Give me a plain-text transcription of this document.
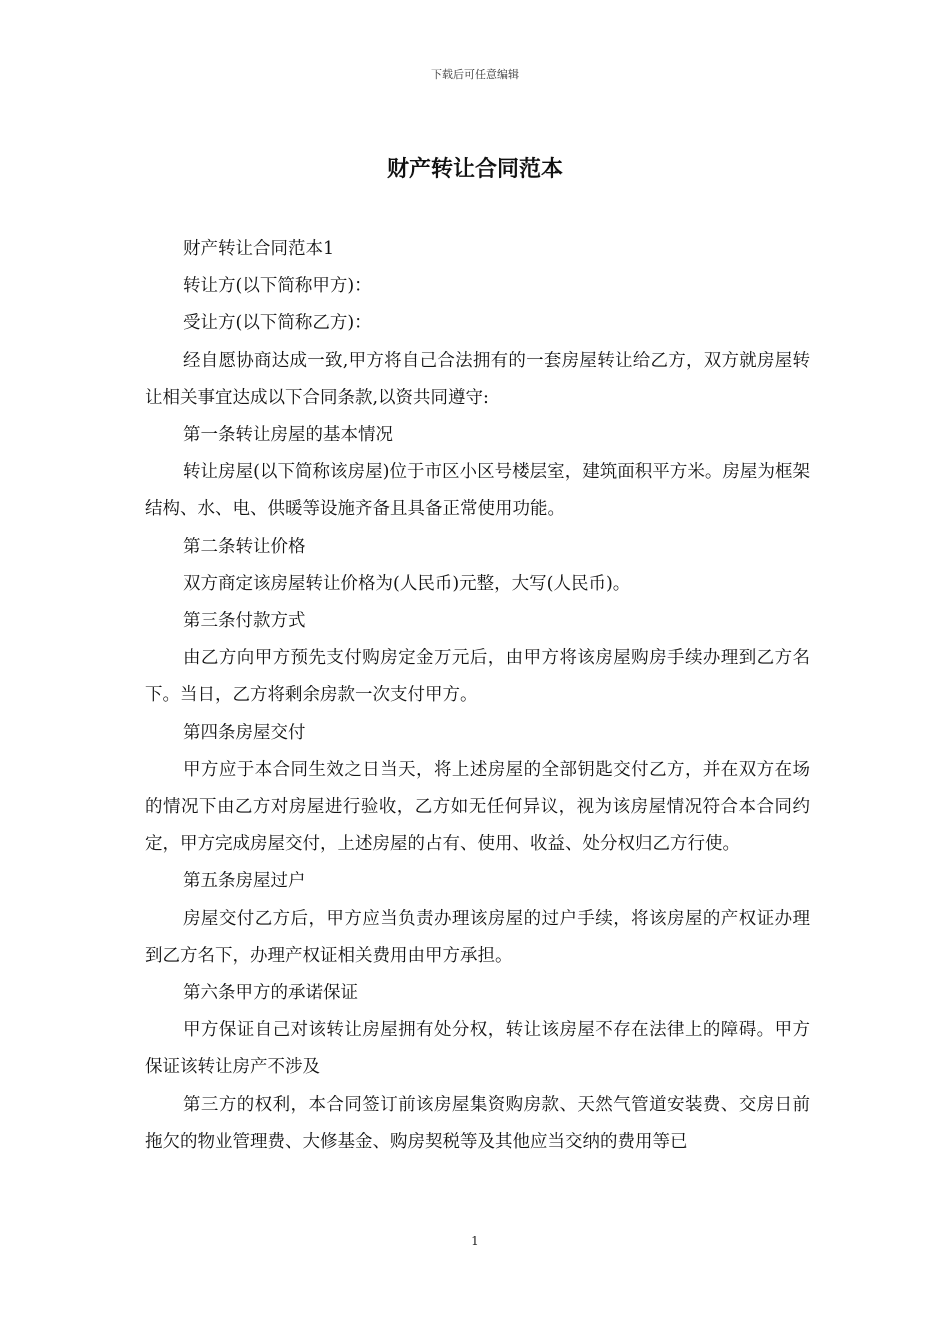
下载后可任意编辑
财产转让合同范本

财产转让合同范本1

转让方(以下简称甲方)：

受让方(以下简称乙方)：

经自愿协商达成一致,甲方将自己合法拥有的一套房屋转让给乙方，双方就房屋转让相关事宜达成以下合同条款,以资共同遵守:

第一条转让房屋的基本情况

转让房屋(以下简称该房屋)位于市区小区号楼层室，建筑面积平方米。房屋为框架结构、水、电、供暖等设施齐备且具备正常使用功能。

第二条转让价格

双方商定该房屋转让价格为(人民币)元整，大写(人民币)。

第三条付款方式

由乙方向甲方预先支付购房定金万元后，由甲方将该房屋购房手续办理到乙方名下。当日，乙方将剩余房款一次支付甲方。

第四条房屋交付

甲方应于本合同生效之日当天，将上述房屋的全部钥匙交付乙方，并在双方在场的情况下由乙方对房屋进行验收，乙方如无任何异议，视为该房屋情况符合本合同约定，甲方完成房屋交付，上述房屋的占有、使用、收益、处分权归乙方行使。

第五条房屋过户

房屋交付乙方后，甲方应当负责办理该房屋的过户手续，将该房屋的产权证办理到乙方名下，办理产权证相关费用由甲方承担。

第六条甲方的承诺保证

甲方保证自己对该转让房屋拥有处分权，转让该房屋不存在法律上的障碍。甲方保证该转让房产不涉及

第三方的权利，本合同签订前该房屋集资购房款、天然气管道安装费、交房日前拖欠的物业管理费、大修基金、购房契税等及其他应当交纳的费用等已

1
